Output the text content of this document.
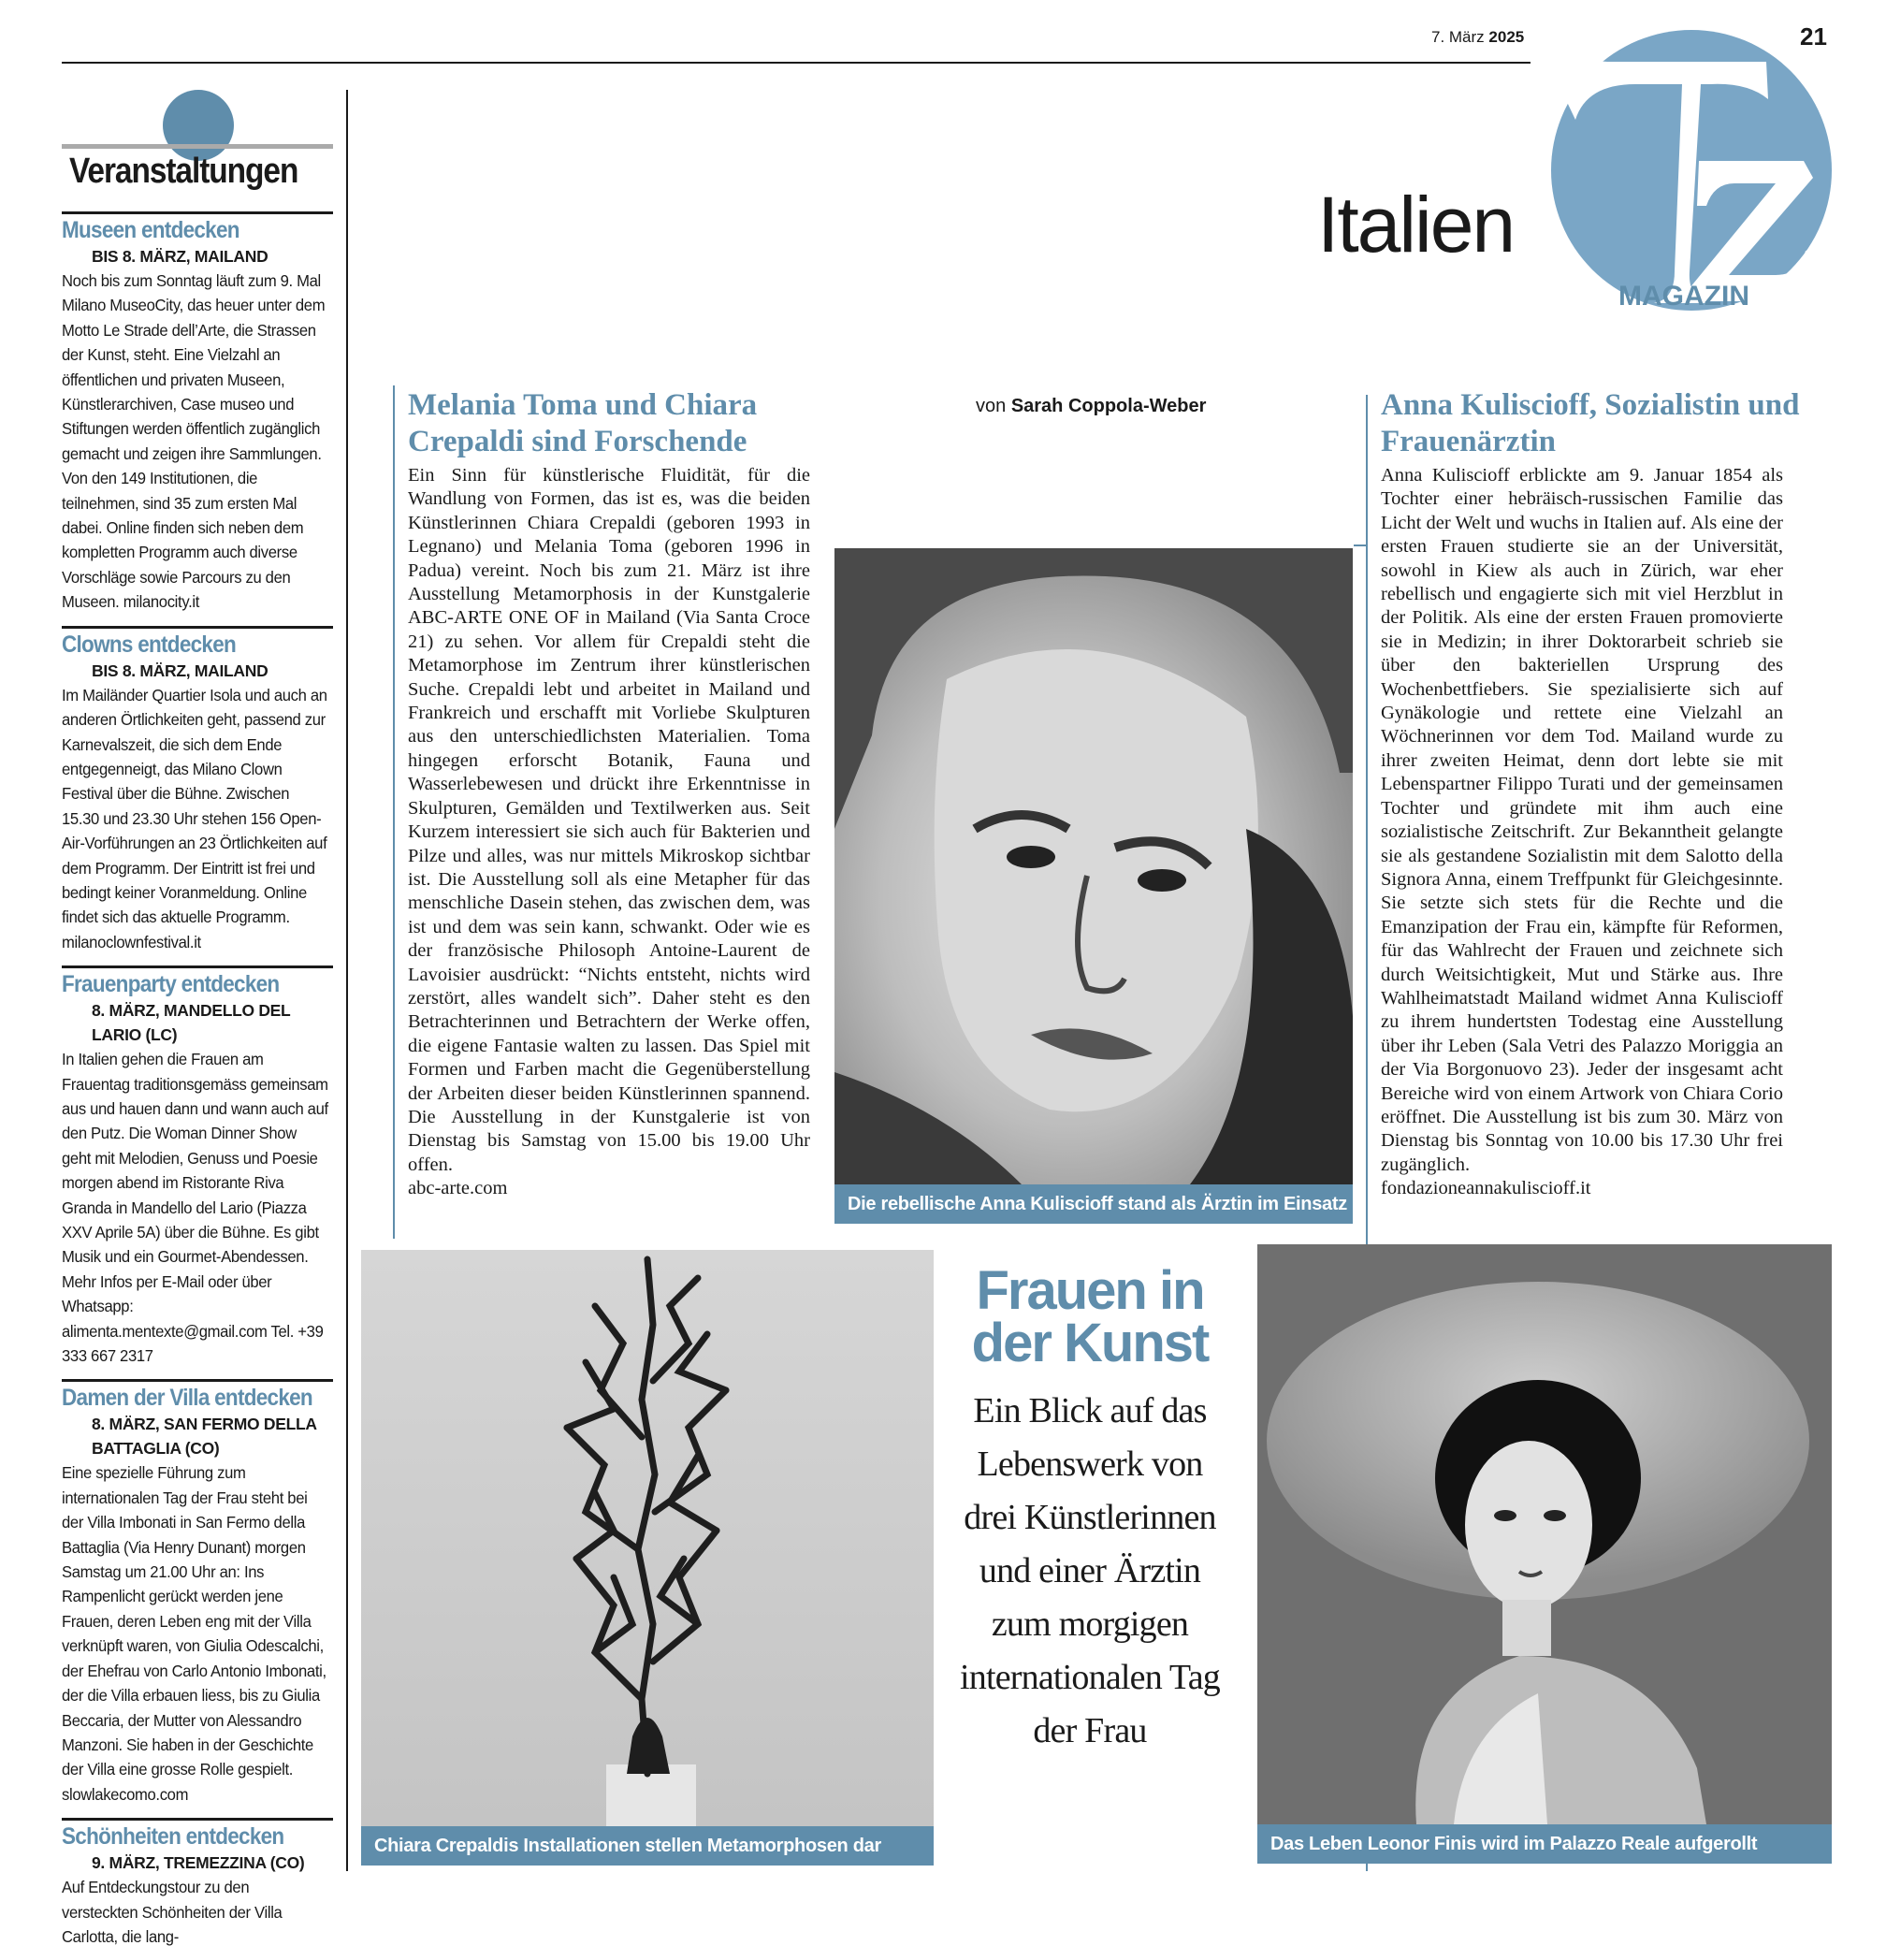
7. März 2025	21
Italien
MAGAZIN
Veranstaltungen
Museen entdecken
BIS 8. MÄRZ, MAILAND
Noch bis zum Sonntag läuft zum 9. Mal Milano MuseoCity, das heuer unter dem Motto Le Strade dell’Arte, die Strassen der Kunst, steht. Eine Vielzahl an öffentlichen und privaten Museen, Künstlerarchiven, Case museo und Stiftungen werden öffentlich zugänglich gemacht und zeigen ihre Sammlungen. Von den 149 Institutionen, die teilnehmen, sind 35 zum ersten Mal dabei. Online finden sich neben dem kompletten Programm auch diverse Vorschläge sowie Parcours zu den Museen. milanocity.it
Clowns entdecken
BIS 8. MÄRZ, MAILAND
Im Mailänder Quartier Isola und auch an anderen Örtlichkeiten geht, passend zur Karnevalszeit, die sich dem Ende entgegenneigt, das Milano Clown Festival über die Bühne. Zwischen 15.30 und 23.30 Uhr stehen 156 Open-Air-Vorführungen an 23 Örtlichkeiten auf dem Programm. Der Eintritt ist frei und bedingt keiner Voranmeldung. Online findet sich das aktuelle Programm. milanoclownfestival.it
Frauenparty entdecken
8. MÄRZ, MANDELLO DEL LARIO (LC)
In Italien gehen die Frauen am Frauentag traditionsgemäss gemeinsam aus und hauen dann und wann auch auf den Putz. Die Woman Dinner Show geht mit Melodien, Genuss und Poesie morgen abend im Ristorante Riva Granda in Mandello del Lario (Piazza XXV Aprile 5A) über die Bühne. Es gibt Musik und ein Gourmet-Abendessen. Mehr Infos per E-Mail oder über Whatsapp: alimenta.mentexte@gmail.com Tel. +39 333 667 2317
Damen der Villa entdecken
8. MÄRZ, SAN FERMO DELLA BATTAGLIA (CO)
Eine spezielle Führung zum internationalen Tag der Frau steht bei der Villa Imbonati in San Fermo della Battaglia (Via Henry Dunant) morgen Samstag um 21.00 Uhr an: Ins Rampenlicht gerückt werden jene Frauen, deren Leben eng mit der Villa verknüpft waren, von Giulia Odescalchi, der Ehefrau von Carlo Antonio Imbonati, der die Villa erbauen liess, bis zu Giulia Beccaria, der Mutter von Alessandro Manzoni. Sie haben in der Geschichte der Villa eine grosse Rolle gespielt. slowlakecomo.com
Schönheiten entdecken
9. MÄRZ, TREMEZZINA (CO)
Auf Entdeckungstour zu den versteckten Schönheiten der Villa Carlotta, die lang-
von Sarah Coppola-Weber
Melania Toma und Chiara Crepaldi sind Forschende

Ein Sinn für künstlerische Fluidität, für die Wandlung von Formen, das ist es, was die beiden Künstlerinnen Chiara Crepaldi (geboren 1993 in Legnano) und Melania Toma (geboren 1996 in Padua) vereint. Noch bis zum 21. März ist ihre Ausstellung Metamorphosis in der Kunstgalerie ABC-ARTE ONE OF in Mailand (Via Santa Croce 21) zu sehen. Vor allem für Crepaldi steht die Metamorphose im Zentrum ihrer künstlerischen Suche. Crepaldi lebt und arbeitet in Mailand und Frankreich und erschafft mit Vorliebe Skulpturen aus den unterschiedlichsten Materialien. Toma hingegen erforscht Botanik, Fauna und Wasserlebewesen und drückt ihre Erkenntnisse in Skulpturen, Gemälden und Textilwerken aus. Seit Kurzem interessiert sie sich auch für Bakterien und Pilze und alles, was nur mittels Mikroskop sichtbar ist. Die Ausstellung soll als eine Metapher für das menschliche Dasein stehen, das zwischen dem, was ist und dem was sein kann, schwankt. Oder wie es der französische Philosoph Antoine-Laurent de Lavoisier ausdrückt: “Nichts entsteht, nichts wird zerstört, alles wandelt sich”. Daher steht es den Betrachterinnen und Betrachtern der Werke offen, die eigene Fantasie walten zu lassen. Das Spiel mit Formen und Farben macht die Gegenüberstellung der Arbeiten dieser beiden Künstlerinnen spannend. Die Ausstellung in der Kunstgalerie ist von Dienstag bis Samstag von 15.00 bis 19.00 Uhr offen.

abc-arte.com

Anna Kuliscioff, Sozialistin und Frauenärztin

Anna Kuliscioff erblickte am 9. Januar 1854 als Tochter einer hebräisch-russischen Familie das Licht der Welt und wuchs in Italien auf. Als eine der ersten Frauen studierte sie an der Universität, sowohl in Kiew als auch in Zürich, war eher rebellisch und engagierte sich mit viel Herzblut in der Politik. Als eine der ersten Frauen promovierte sie in Medizin; in ihrer Doktorarbeit schrieb sie über den bakteriellen Ursprung des Wochenbettfiebers. Sie spezialisierte sich auf Gynäkologie und rettete eine Vielzahl an Wöchnerinnen vor dem Tod. Mailand wurde zu ihrer zweiten Heimat, denn dort lebte sie mit Lebenspartner Filippo Turati und der gemeinsamen Tochter und gründete mit ihm auch eine sozialistische Zeitschrift. Zur Bekanntheit gelangte sie als gestandene Sozialistin mit dem Salotto della Signora Anna, einem Treffpunkt für Gleichgesinnte. Sie setzte sich stets für die Rechte und die Emanzipation der Frau ein, kämpfte für Reformen, für das Wahlrecht der Frauen und zeichnete sich durch Weitsichtigkeit, Mut und Stärke aus. Ihre Wahlheimatstadt Mailand widmet Anna Kuliscioff zu ihrem hundertsten Todestag eine Ausstellung über ihr Leben (Sala Vetri des Palazzo Moriggia an der Via Borgonuovo 23). Jeder der insgesamt acht Bereiche wird von einem Artwork von Chiara Corio eröffnet. Die Ausstellung ist bis zum 30. März von Dienstag bis Sonntag von 10.00 bis 17.30 Uhr frei zugänglich.

fondazioneannakuliscioff.it

Die rebellische Anna Kuliscioff stand als Ärztin im Einsatz
Chiara Crepaldis Installationen stellen Metamorphosen dar
Frauen in
der Kunst
Ein Blick auf das
Lebenswerk von
drei Künstlerinnen
und einer Ärztin
zum morgigen
internationalen Tag
der Frau
Das Leben Leonor Finis wird im Palazzo Reale aufgerollt
